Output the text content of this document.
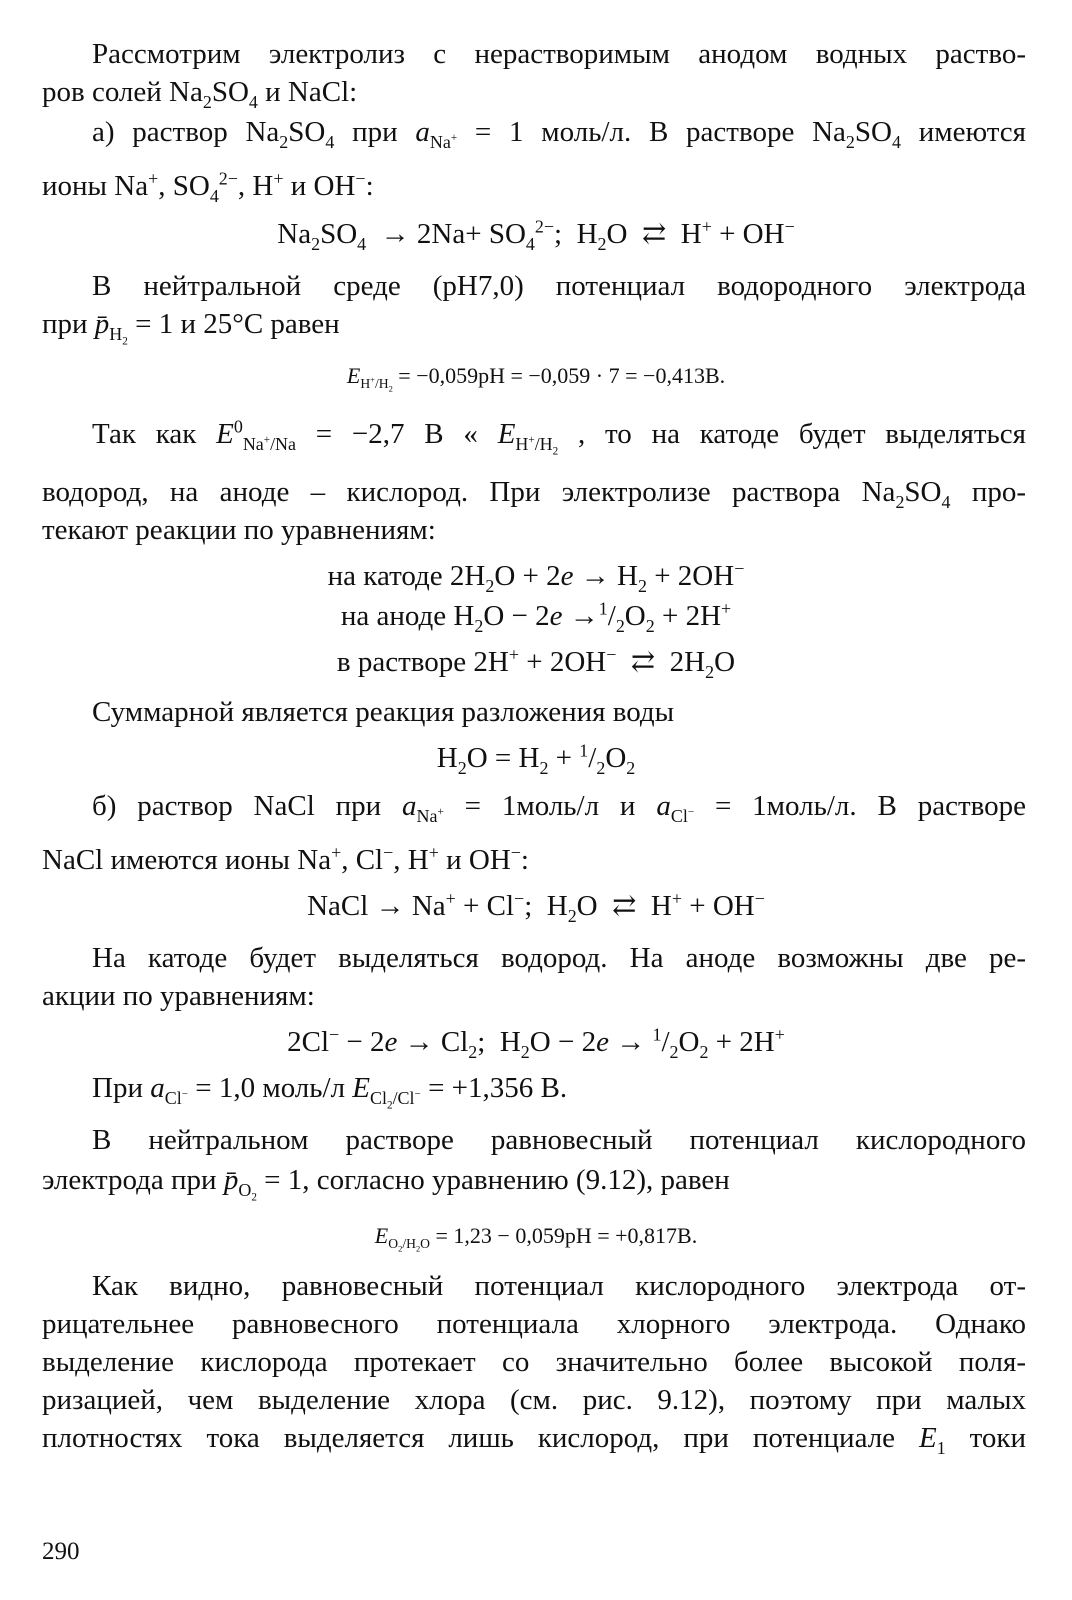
Рассмотрим электролиз с нерастворимым анодом водных раство-
ров солей $Na_2SO_4$ и NaCl:
а) раствор $Na_2SO_4$ при $a_{Na^+} = 1$ моль/л. В растворе $Na_2SO_4$ имеются
ионы Na+, $SO_4^{2-}$, H+ и OH−:
$Na_2SO_4 \to 2Na+ SO_4^{2-}$;  $H_2O$  ⇄  H+ + OH−
В нейтральной среде (pH7,0) потенциал водородного электрода
при $p̄_{H_2} = 1$ и 25°С равен
$E_{H^+/H_2} = -0,059pH = -0,059 \cdot 7 = -0,413В$.
Так как $E^0_{Na^+/Na} = -2,7$ В « $E_{H^+/H_2}$ , то на катоде будет выделяться
водород, на аноде – кислород. При электролизе раствора $Na_2SO_4$ про-
текают реакции по уравнениям:
на катоде $2H_2O + 2e \to H_2 + 2OH^-$
на аноде $H_2O - 2e \to^1/_2O_2 + 2H^+$
в растворе 2H+ + 2OH−  ⇄  $2H_2O$
Суммарной является реакция разложения воды
$H_2O = H_2 + ^1/_2O_2$
б) раствор NaCl при $a_{Na^+}$ = 1моль/л и $a_{Cl^-}$ = 1моль/л. В растворе
NaCl имеются ионы Na+, Cl−, H+ и OH−:
NaCl → Na+ + Cl−;  $H_2O$  ⇄  H+ + OH−
На катоде будет выделяться водород. На аноде возможны две ре-
акции по уравнениям:
$2Cl^- - 2e \to Cl_2$;  $H_2O - 2e \to ^1/_2O_2 + 2H^+$
При $a_{Cl^-} = 1,0$ моль/л $E_{Cl_2/Cl^-} = +1,356$ В.
В нейтральном растворе равновесный потенциал кислородного
электрода при $p̄_{O_2} = 1$, согласно уравнению (9.12), равен
$E_{O_2/H_2O} = 1,23 - 0,059pH = +0,817В$.
Как видно, равновесный потенциал кислородного электрода от-
рицательнее равновесного потенциала хлорного электрода. Однако
выделение кислорода протекает со значительно более высокой поля-
ризацией, чем выделение хлора (см. рис. 9.12), поэтому при малых
плотностях тока выделяется лишь кислород, при потенциале $E_1$ токи
290
